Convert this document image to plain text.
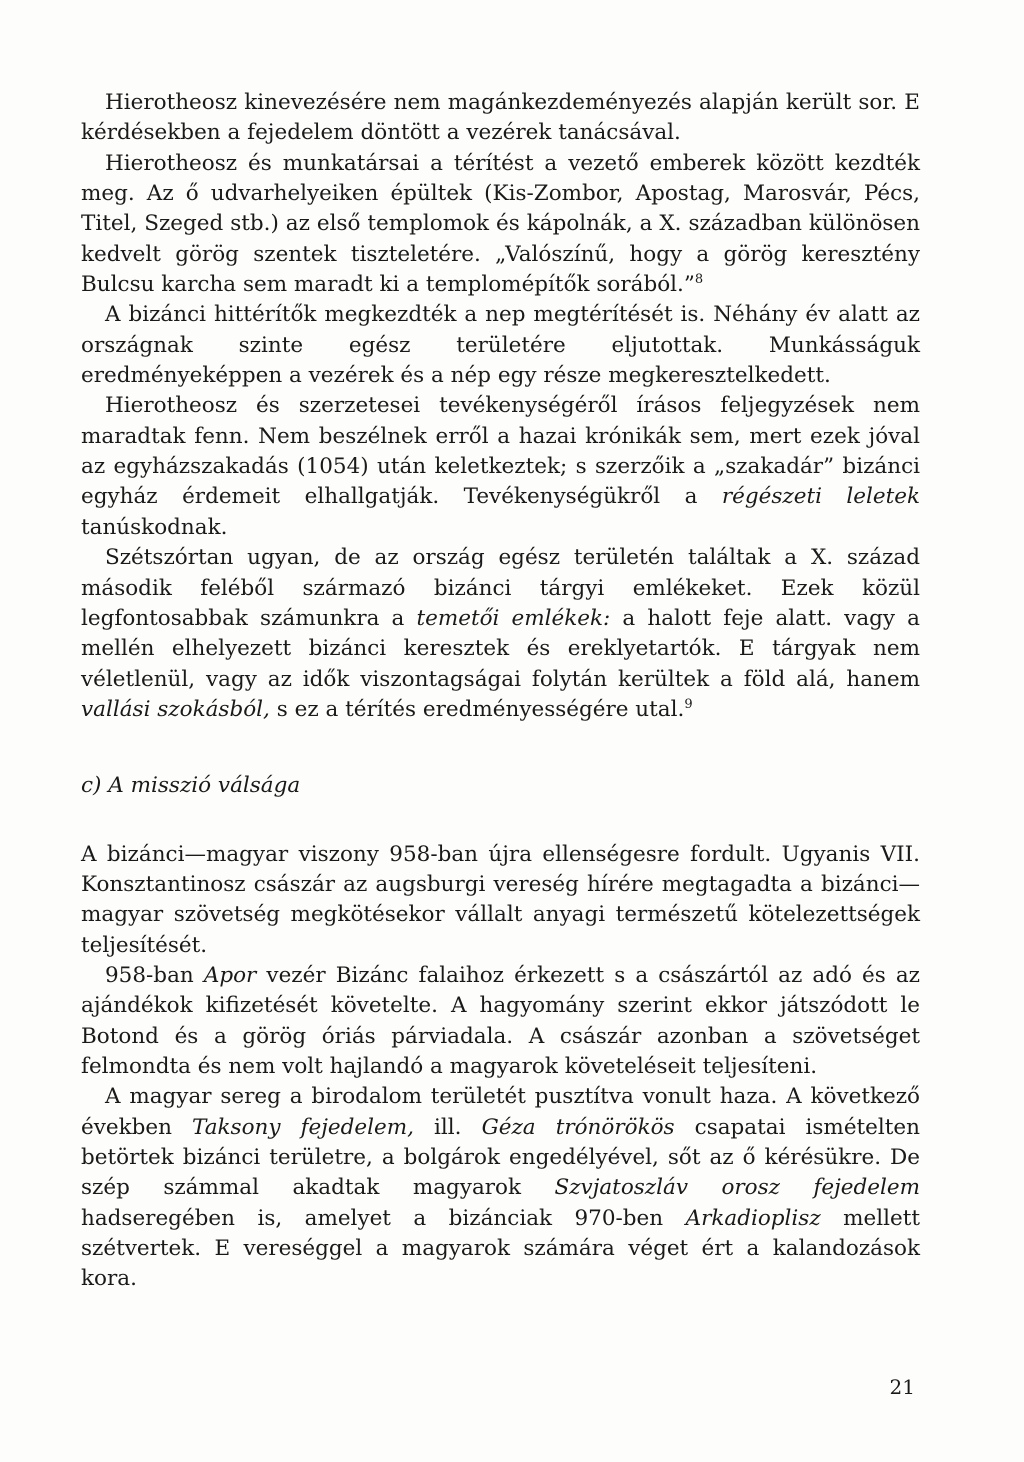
Hierotheosz kinevezésére nem magánkezdeményezés alapján került sor. E kérdésekben a fejedelem döntött a vezérek tanácsával.

Hierotheosz és munkatársai a térítést a vezető emberek között kezdték meg. Az ő udvarhelyeiken épültek (Kis-Zombor, Apostag, Marosvár, Pécs, Titel, Szeged stb.) az első templomok és kápolnák, a X. században különösen kedvelt görög szentek tiszteletére. „Valószínű, hogy a görög keresztény Bulcsu karcha sem maradt ki a templomépítők sorából.”$^8$

A bizánci hittérítők megkezdték a nep megtérítését is. Néhány év alatt az országnak szinte egész területére eljutottak. Munkásságuk eredményeképpen a vezérek és a nép egy része megkeresztelkedett.

Hierotheosz és szerzetesei tevékenységéről írásos feljegyzések nem maradtak fenn. Nem beszélnek erről a hazai krónikák sem, mert ezek jóval az egyházszakadás (1054) után keletkeztek; s szerzőik a „szakadár” bizánci egyház érdemeit elhallgatják. Tevékenységükről a régészeti leletek tanúskodnak.

Szétszórtan ugyan, de az ország egész területén találtak a X. század második feléből származó bizánci tárgyi emlékeket. Ezek közül legfontosabbak számunkra a temetői emlékek: a halott feje alatt. vagy a mellén elhelyezett bizánci keresztek és ereklyetartók. E tárgyak nem véletlenül, vagy az idők viszontagságai folytán kerültek a föld alá, hanem vallási szokásból, s ez a térítés eredményességére utal.$^9$

c) A misszió válsága

A bizánci—magyar viszony 958-ban újra ellenségesre fordult. Ugyanis VII. Konsztantinosz császár az augsburgi vereség hírére megtagadta a bizánci—magyar szövetség megkötésekor vállalt anyagi természetű kötelezettségek teljesítését.

958-ban Apor vezér Bizánc falaihoz érkezett s a császártól az adó és az ajándékok kifizetését követelte. A hagyomány szerint ekkor játszódott le Botond és a görög óriás párviadala. A császár azonban a szövetséget felmondta és nem volt hajlandó a magyarok követeléseit teljesíteni.

A magyar sereg a birodalom területét pusztítva vonult haza. A következő években Taksony fejedelem, ill. Géza trónörökös csapatai ismételten betörtek bizánci területre, a bolgárok engedélyével, sőt az ő kérésükre. De szép számmal akadtak magyarok Szvjatoszláv orosz fejedelem hadseregében is, amelyet a bizánciak 970-ben Arkadioplisz mellett szétvertek. E vereséggel a magyarok számára véget ért a kalandozások kora.

21
